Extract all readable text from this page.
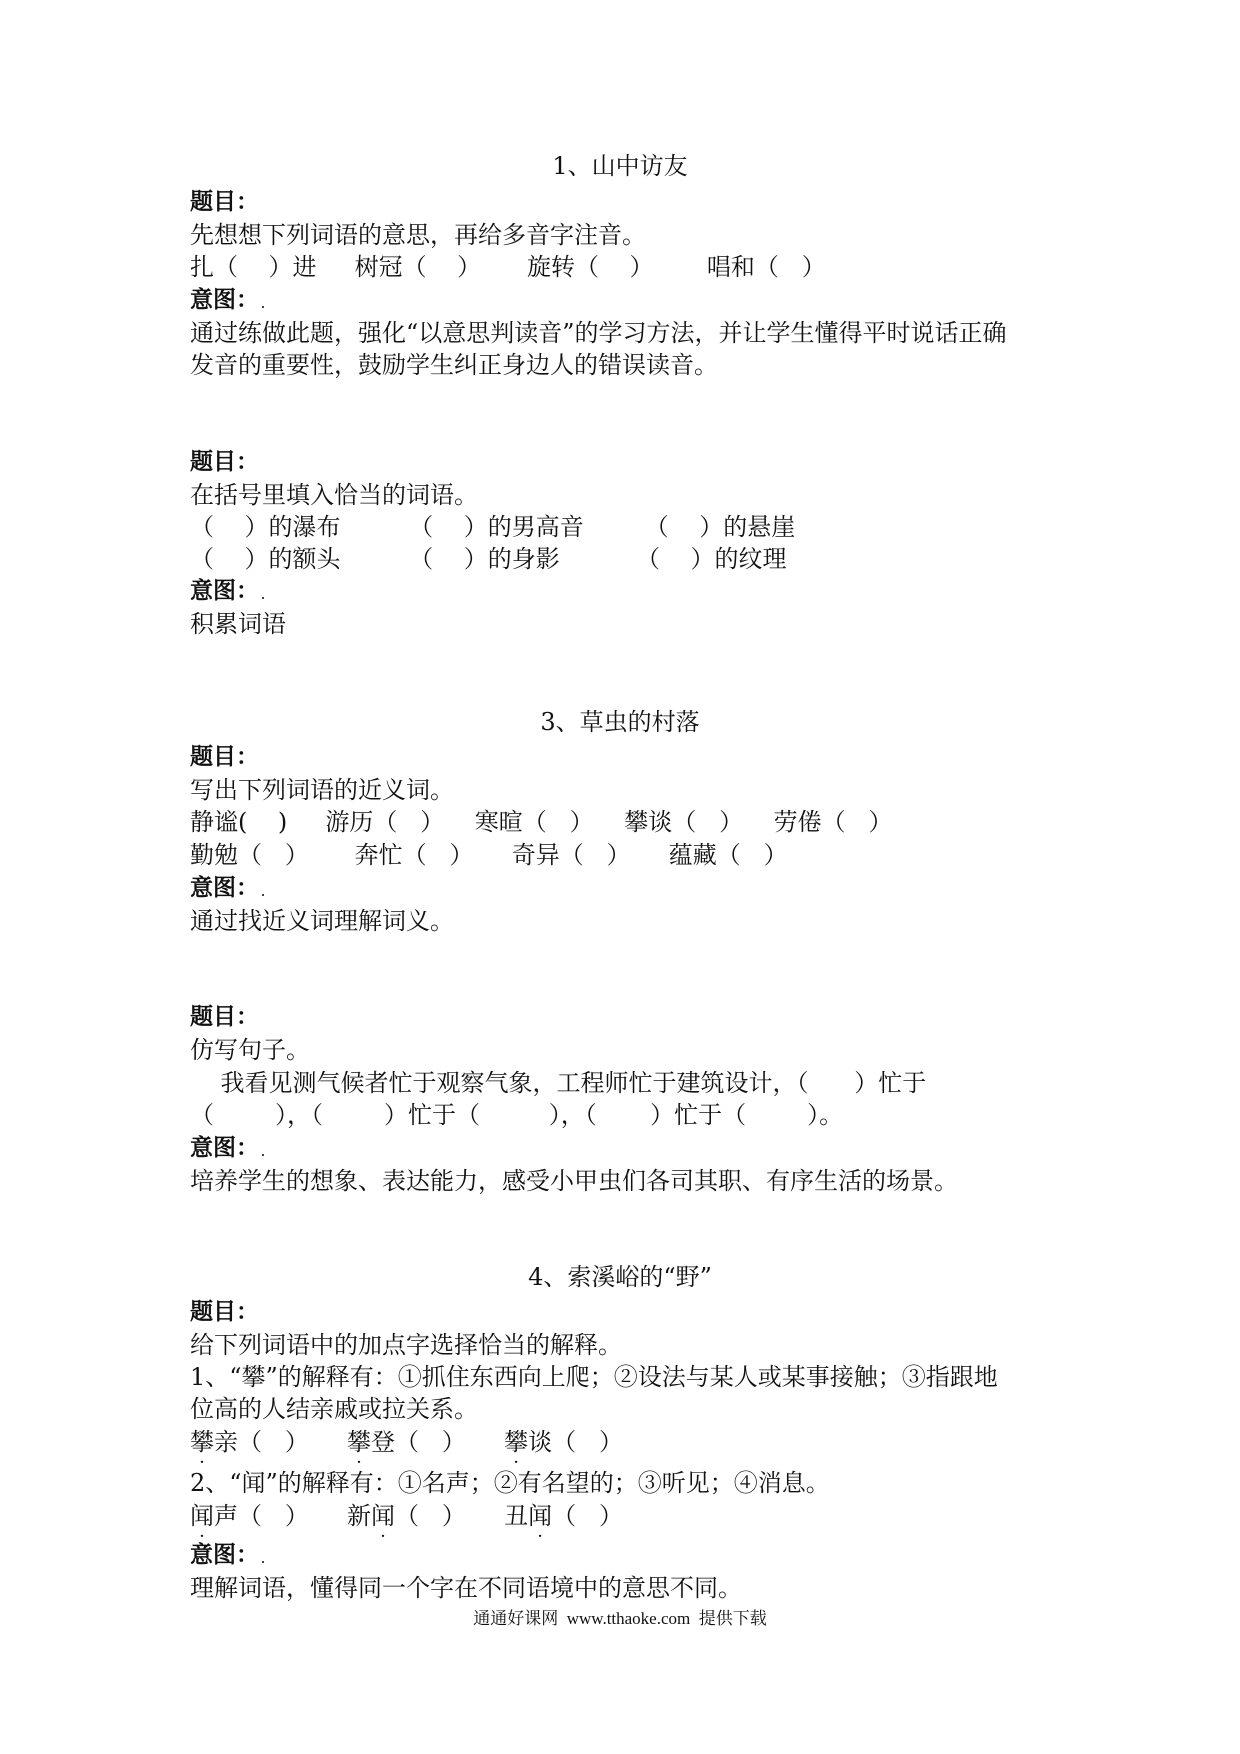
1、山中访友
题目：
先想想下列词语的意思，再给多音字注音。
扎（    ）进     树冠（    ）      旋转（    ）       唱和（   ）
意图：
通过练做此题，强化“以意思判读音”的学习方法，并让学生懂得平时说话正确
发音的重要性，鼓励学生纠正身边人的错误读音。
题目：
在括号里填入恰当的词语。
（    ）的瀑布         （    ）的男高音        （    ）的悬崖
（    ）的额头         （    ）的身影          （    ）的纹理
意图：
积累词语
3、草虫的村落
题目：
写出下列词语的近义词。
静谧(    )     游历（   ）    寒暄（   ）    攀谈（   ）    劳倦（   ）
勤勉（   ）      奔忙（   ）     奇异（   ）     蕴藏（   ）
意图：
通过找近义词理解词义。
题目：
仿写句子。
我看见测气候者忙于观察气象，工程师忙于建筑设计，（      ）忙于
（        ），（        ）忙于（         ），（       ）忙于（        ）。
意图：
培养学生的想象、表达能力，感受小甲虫们各司其职、有序生活的场景。
4、索溪峪的“野”
题目：
给下列词语中的加点字选择恰当的解释。
1、“攀”的解释有：①抓住东西向上爬；②设法与某人或某事接触；③指跟地
位高的人结亲戚或拉关系。
攀亲（   ） 攀登（   ） 攀谈（   ）
2、“闻”的解释有：①名声；②有名望的；③听见；④消息。
闻声（   ） 新闻（   ） 丑闻（   ）
意图：
理解词语，懂得同一个字在不同语境中的意思不同。
通通好课网  www.tthaoke.com  提供下载
